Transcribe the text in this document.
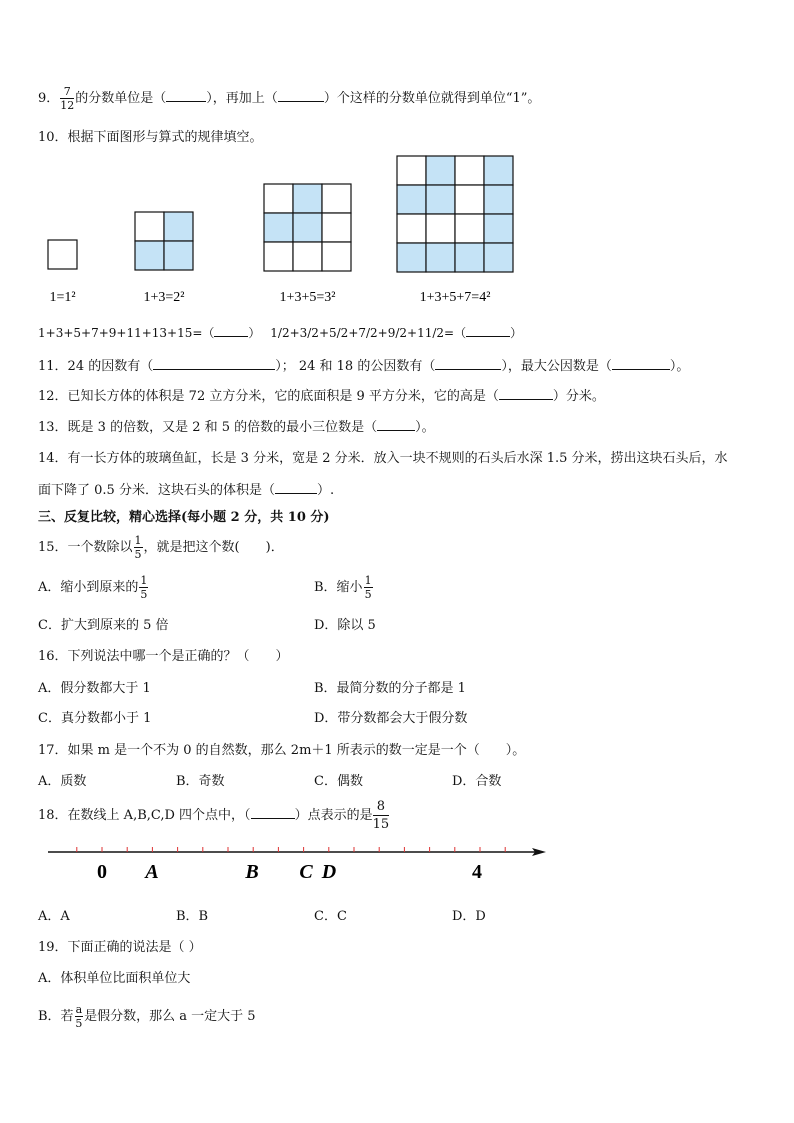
9． $\frac{7}{12}$ 的分数单位是（	），再加上（	）个这样的分数单位就得到单位“1”。
10．根据下面图形与算式的规律填空。
1=1²	1+3=2²	1+3+5=3²	1+3+5+7=4²
1+3+5+7+9+11+13+15=（	） 1/2+3/2+5/2+7/2+9/2+11/2=（	）
11．24 的因数有（	）； 24 和 18 的公因数有（	），最大公因数是（	）。
12．已知长方体的体积是 72 立方分米，它的底面积是 9 平方分米，它的高是（	）分米。
13．既是 3 的倍数，又是 2 和 5 的倍数的最小三位数是（	）。
14．有一长方体的玻璃鱼缸，长是 3 分米，宽是 2 分米．放入一块不规则的石头后水深 1.5 分米，捞出这块石头后，水
面下降了 0.5 分米．这块石头的体积是（	）.
三、反复比较，精心选择(每小题 2 分，共 10 分)
15．一个数除以 $\frac{1}{5}$ ，就是把这个数(　　)．
A．缩小到原来的 $\frac{1}{5}$	B．缩小 $\frac{1}{5}$
C．扩大到原来的 5 倍	D．除以 5
16．下列说法中哪一个是正确的？（　　）
A．假分数都大于 1	B．最简分数的分子都是 1
C．真分数都小于 1	D．带分数都会大于假分数
17．如果 m 是一个不为 0 的自然数，那么 2m＋1 所表示的数一定是一个（　　）。
A．质数	B．奇数	C．偶数	D．合数
18．在数线上 A,B,C,D 四个点中，（	）点表示的是 $\frac{8}{15}$
0 A	B C D	4
A．A	B．B	C．C	D．D
19．下面正确的说法是（ ）
A．体积单位比面积单位大
B．若 $\frac{a}{5}$ 是假分数，那么 a 一定大于 5
